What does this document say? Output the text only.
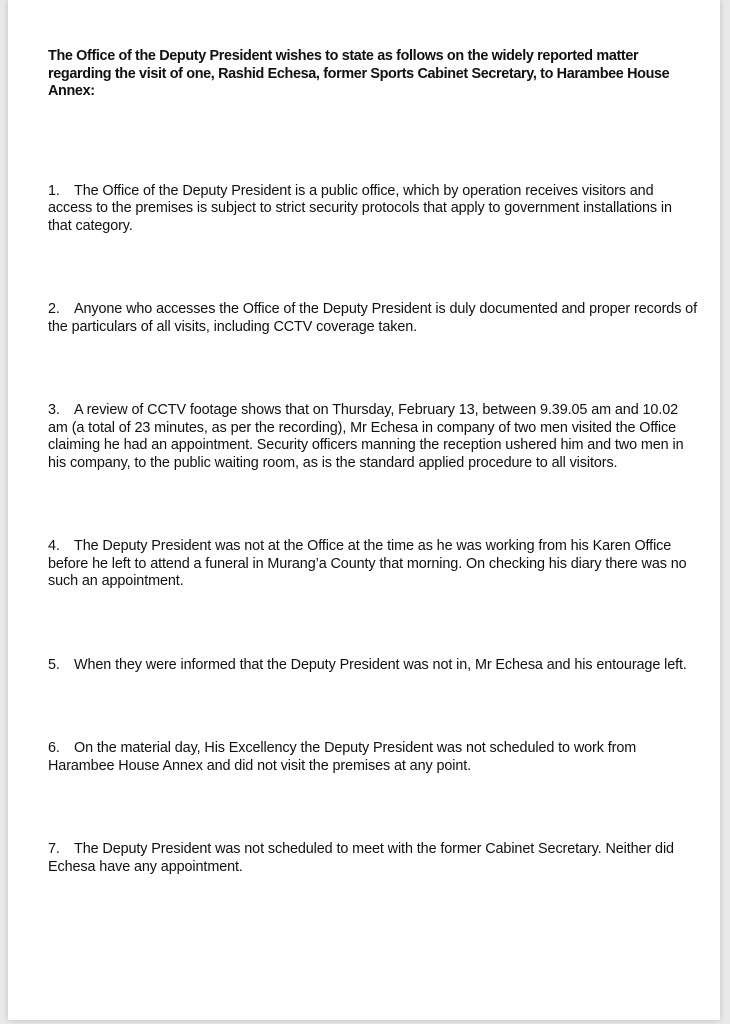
The Office of the Deputy President wishes to state as follows on the widely reported matter regarding the visit of one, Rashid Echesa, former Sports Cabinet Secretary, to Harambee House Annex:

1. The Office of the Deputy President is a public office, which by operation receives visitors and access to the premises is subject to strict security protocols that apply to government installations in that category.

2. Anyone who accesses the Office of the Deputy President is duly documented and proper records of the particulars of all visits, including CCTV coverage taken.

3. A review of CCTV footage shows that on Thursday, February 13, between 9.39.05 am and 10.02 am (a total of 23 minutes, as per the recording), Mr Echesa in company of two men visited the Office claiming he had an appointment. Security officers manning the reception ushered him and two men in his company, to the public waiting room, as is the standard applied procedure to all visitors.

4. The Deputy President was not at the Office at the time as he was working from his Karen Office before he left to attend a funeral in Murang’a County that morning. On checking his diary there was no such an appointment.

5. When they were informed that the Deputy President was not in, Mr Echesa and his entourage left.

6. On the material day, His Excellency the Deputy President was not scheduled to work from Harambee House Annex and did not visit the premises at any point.

7. The Deputy President was not scheduled to meet with the former Cabinet Secretary. Neither did Echesa have any appointment.
